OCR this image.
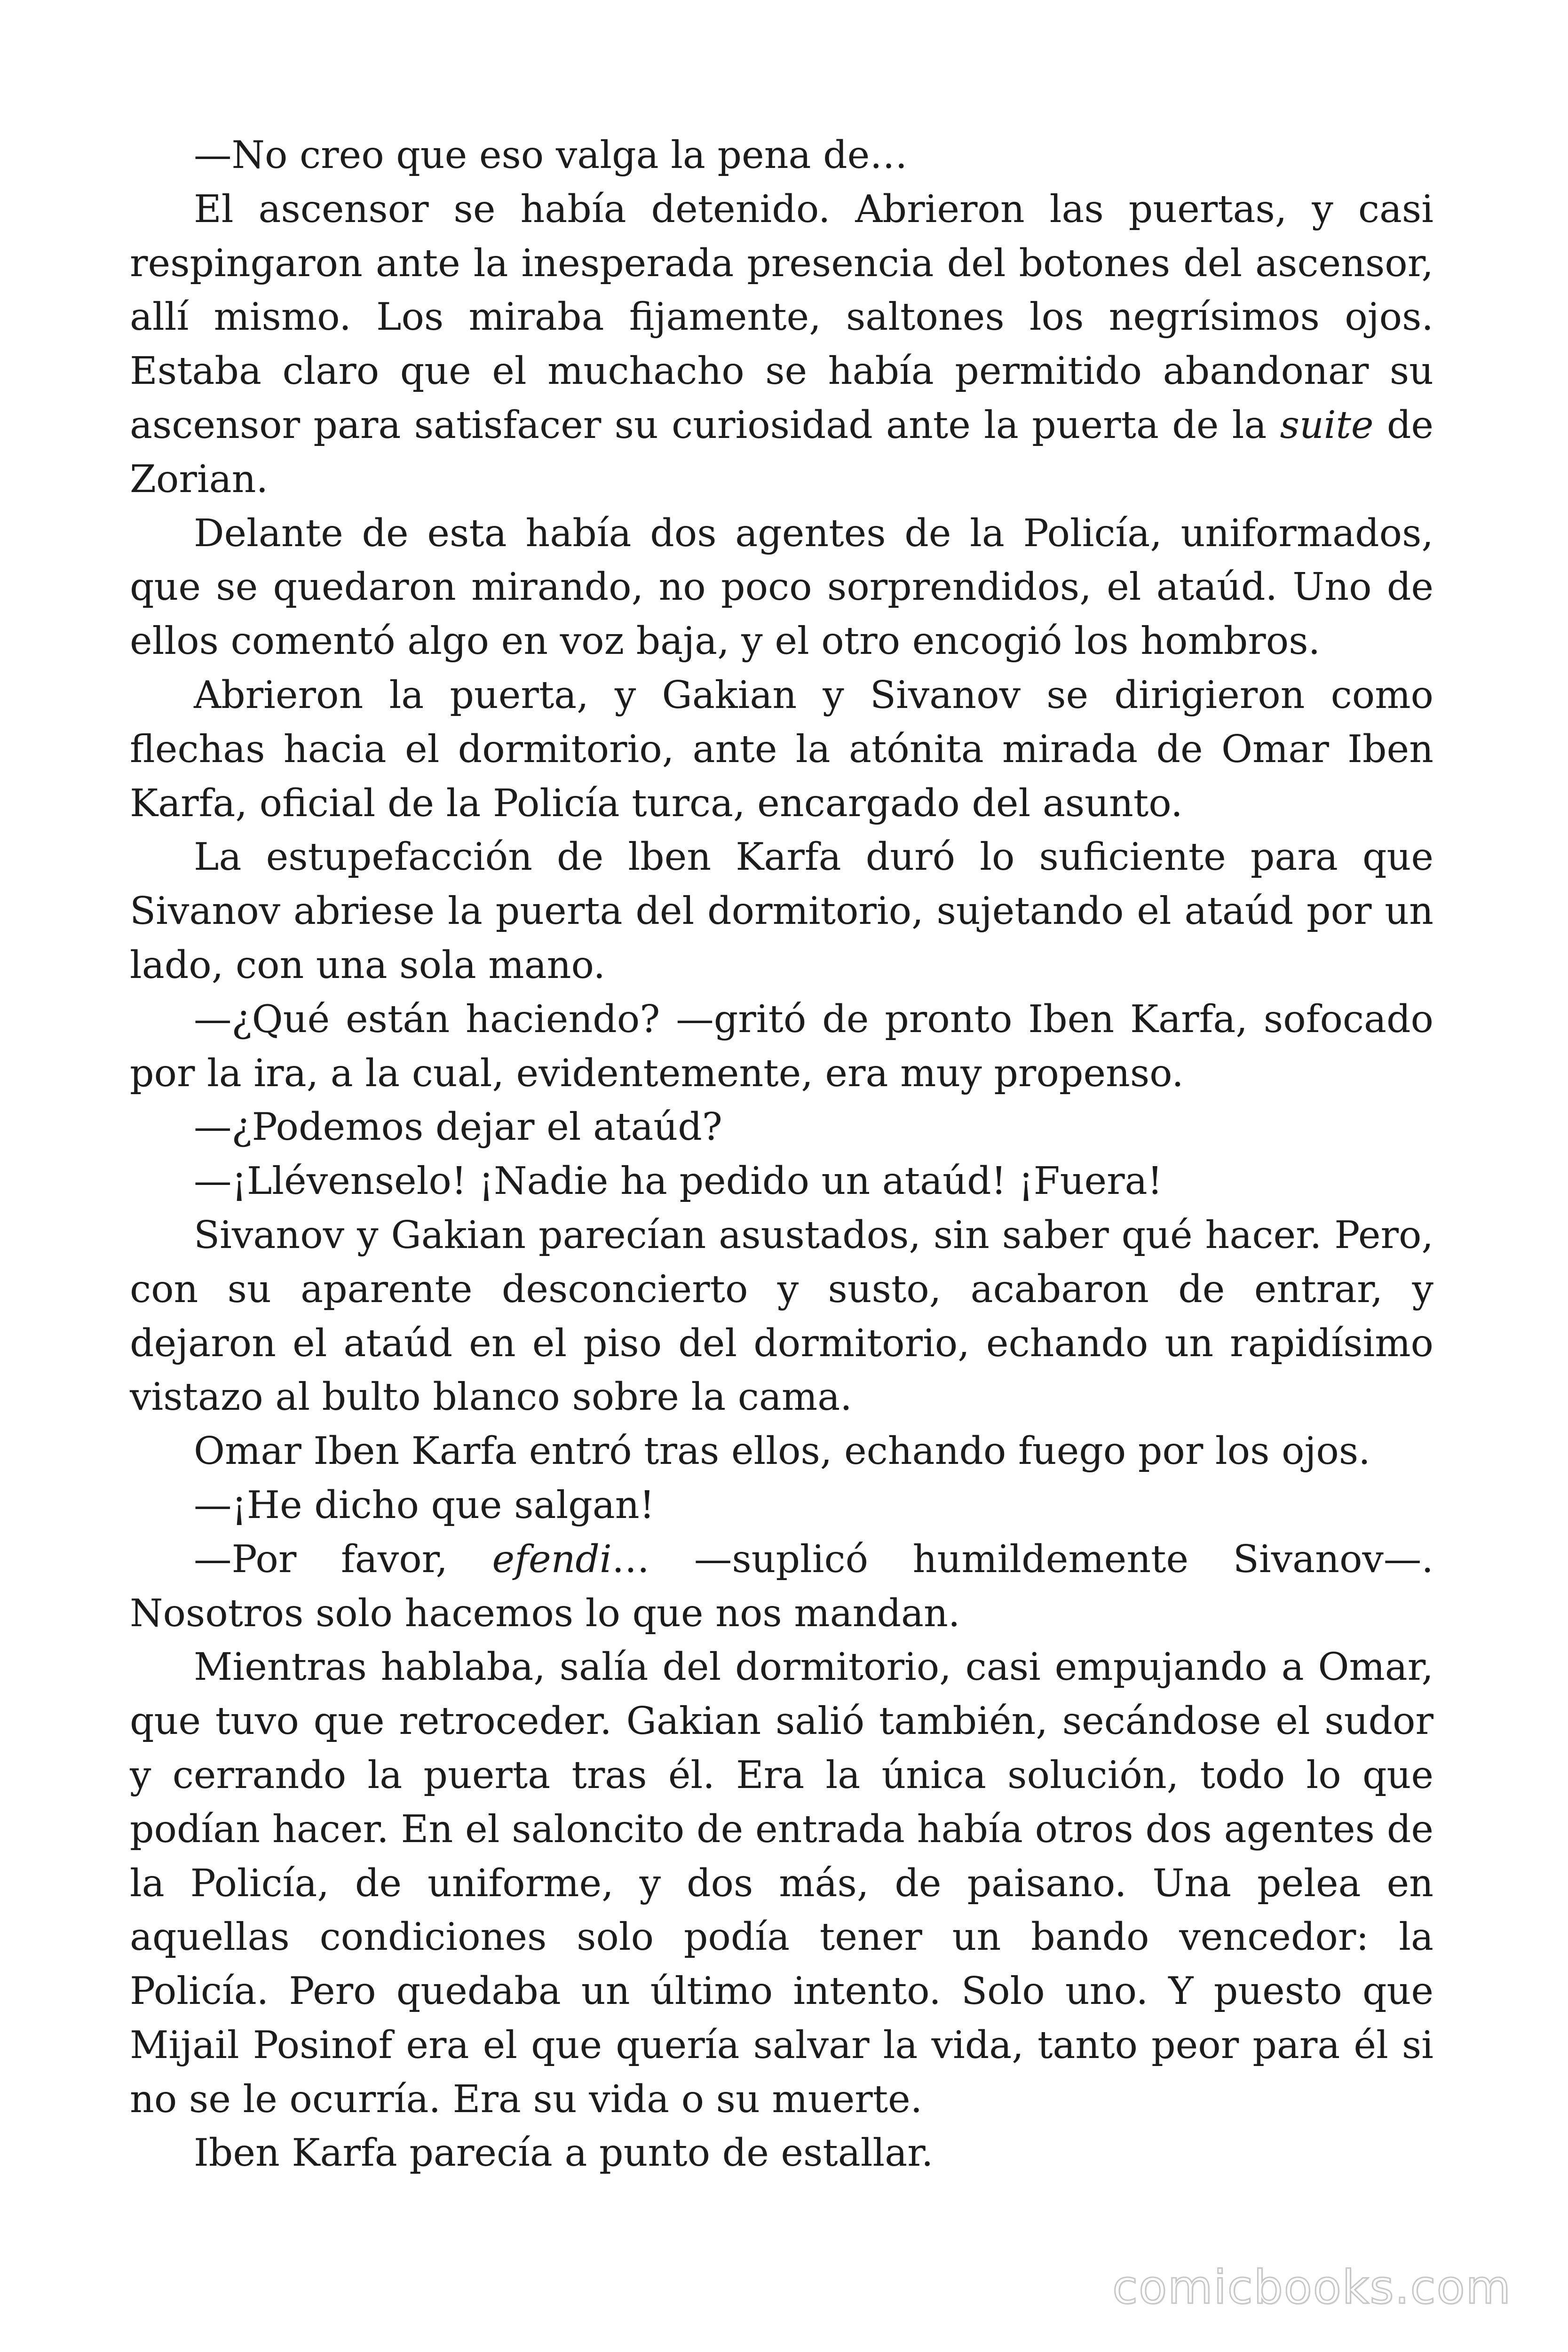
—No creo que eso valga la pena de…

El ascensor se había detenido. Abrieron las puertas, y casi respingaron ante la inesperada presencia del botones del ascensor, allí mismo. Los miraba fijamente, saltones los negrísimos ojos. Estaba claro que el muchacho se había permitido abandonar su ascensor para satisfacer su curiosidad ante la puerta de la suite de Zorian.

Delante de esta había dos agentes de la Policía, uniformados, que se quedaron mirando, no poco sorprendidos, el ataúd. Uno de ellos comentó algo en voz baja, y el otro encogió los hombros.

Abrieron la puerta, y Gakian y Sivanov se dirigieron como flechas hacia el dormitorio, ante la atónita mirada de Omar Iben Karfa, oficial de la Policía turca, encargado del asunto.

La estupefacción de lben Karfa duró lo suficiente para que Sivanov abriese la puerta del dormitorio, sujetando el ataúd por un lado, con una sola mano.

—¿Qué están haciendo? —gritó de pronto Iben Karfa, sofocado por la ira, a la cual, evidentemente, era muy propenso.

—¿Podemos dejar el ataúd?

—¡Llévenselo! ¡Nadie ha pedido un ataúd! ¡Fuera!

Sivanov y Gakian parecían asustados, sin saber qué hacer. Pero, con su aparente desconcierto y susto, acabaron de entrar, y dejaron el ataúd en el piso del dormitorio, echando un rapidísimo vistazo al bulto blanco sobre la cama.

Omar Iben Karfa entró tras ellos, echando fuego por los ojos.

—¡He dicho que salgan!

—Por favor, efendi… —suplicó humildemente Sivanov—. Nosotros solo hacemos lo que nos mandan.

Mientras hablaba, salía del dormitorio, casi empujando a Omar, que tuvo que retroceder. Gakian salió también, secándose el sudor y cerrando la puerta tras él. Era la única solución, todo lo que podían hacer. En el saloncito de entrada había otros dos agentes de la Policía, de uniforme, y dos más, de paisano. Una pelea en aquellas condiciones solo podía tener un bando vencedor: la Policía. Pero quedaba un último intento. Solo uno. Y puesto que Mijail Posinof era el que quería salvar la vida, tanto peor para él si no se le ocurría. Era su vida o su muerte.

Iben Karfa parecía a punto de estallar.

comicbooks.com
